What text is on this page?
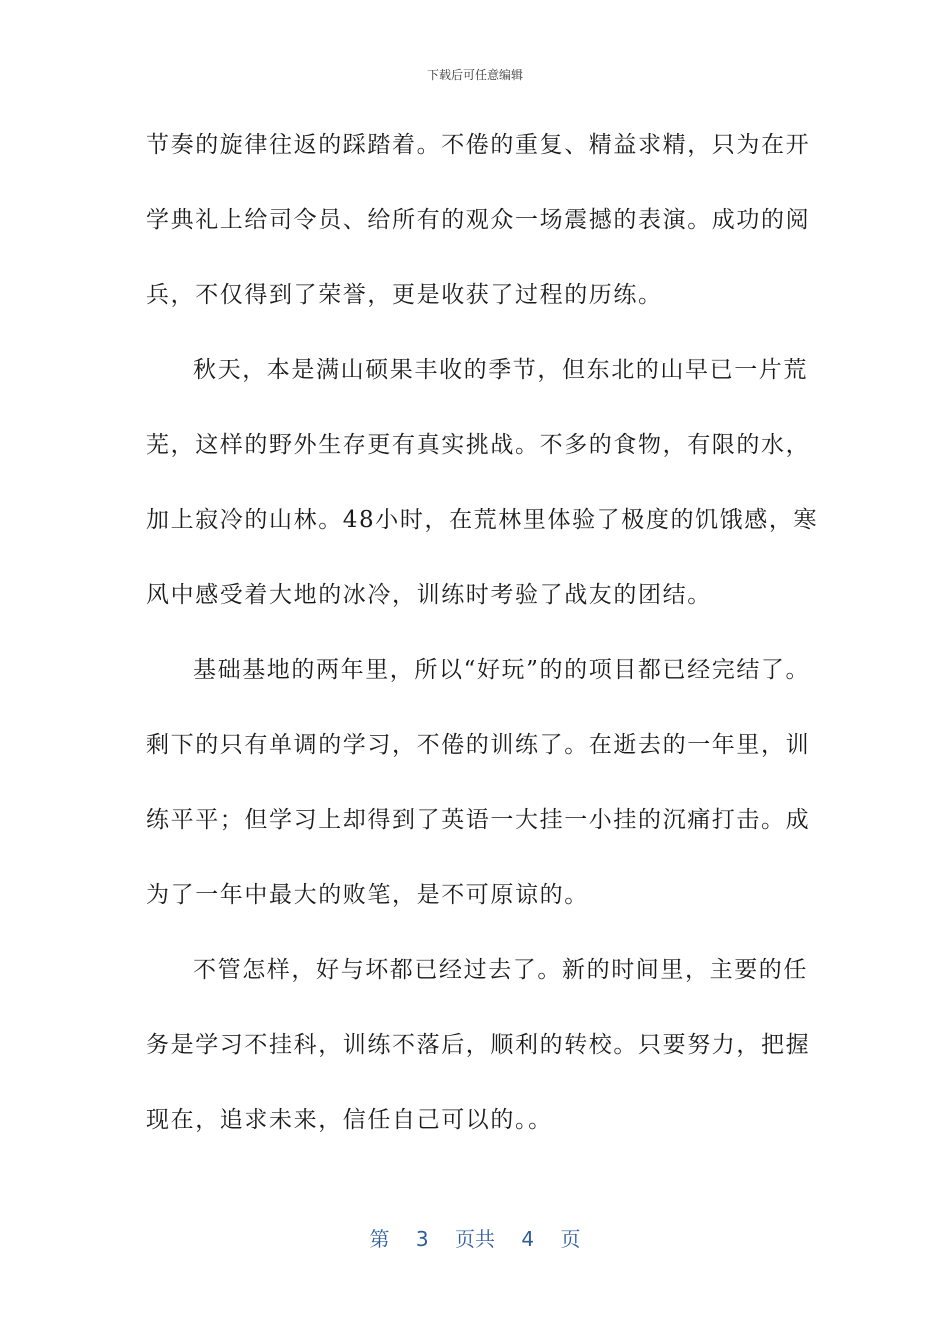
下载后可任意编辑
节奏的旋律往返的踩踏着。不倦的重复、精益求精，只为在开
学典礼上给司令员、给所有的观众一场震撼的表演。成功的阅
兵，不仅得到了荣誉，更是收获了过程的历练。
秋天，本是满山硕果丰收的季节，但东北的山早已一片荒
芜，这样的野外生存更有真实挑战。不多的食物，有限的水，
加上寂冷的山林。48小时，在荒林里体验了极度的饥饿感，寒
风中感受着大地的冰冷，训练时考验了战友的团结。
基础基地的两年里，所以“好玩”的的项目都已经完结了。
剩下的只有单调的学习，不倦的训练了。在逝去的一年里，训
练平平；但学习上却得到了英语一大挂一小挂的沉痛打击。成
为了一年中最大的败笔，是不可原谅的。
不管怎样，好与坏都已经过去了。新的时间里，主要的任
务是学习不挂科，训练不落后，顺利的转校。只要努力，把握
现在，追求未来，信任自己可以的。。
第 3 页共 4 页
